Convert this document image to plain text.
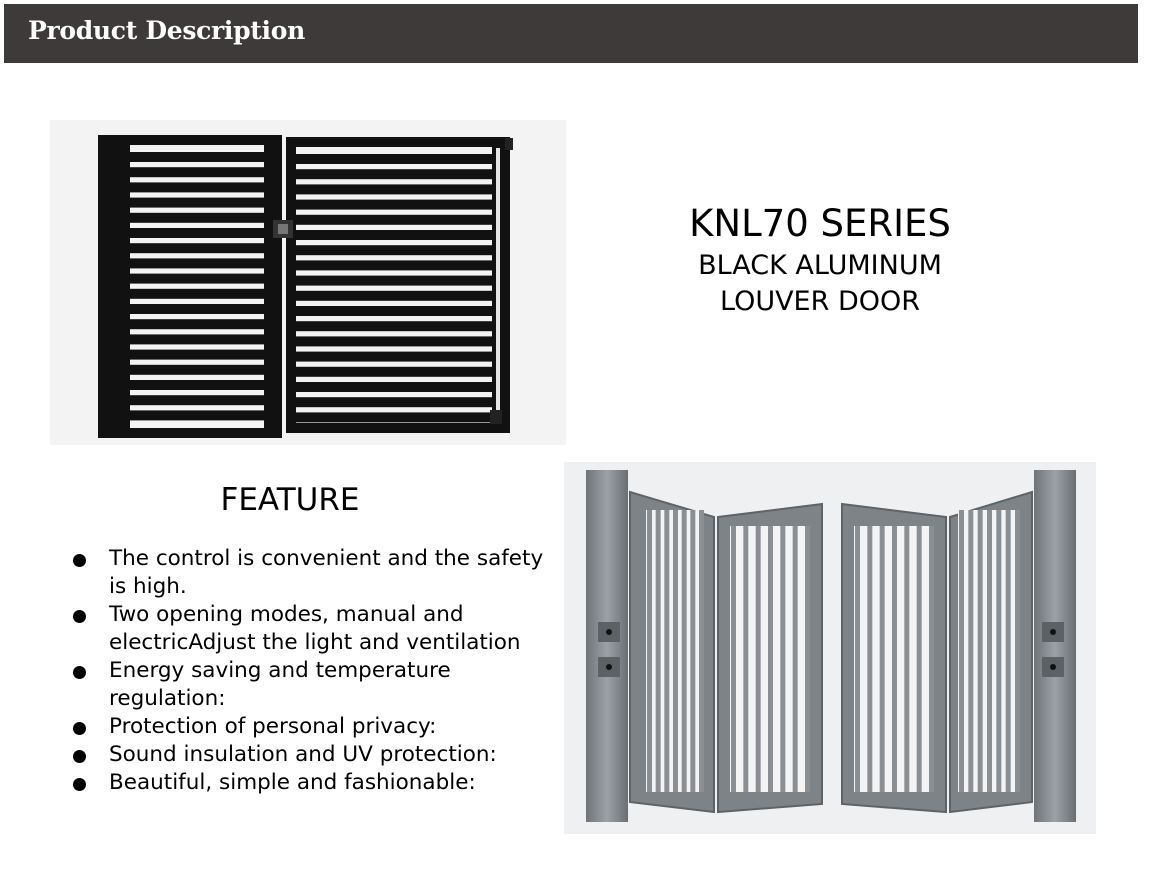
Product Description
KNL70 SERIES
BLACK ALUMINUM
LOUVER DOOR
FEATURE
The control is convenient and the safety is high.
Two opening modes, manual and electricAdjust the light and ventilation
Energy saving and temperature regulation:
Protection of personal privacy:
Sound insulation and UV protection:
Beautiful, simple and fashionable:
